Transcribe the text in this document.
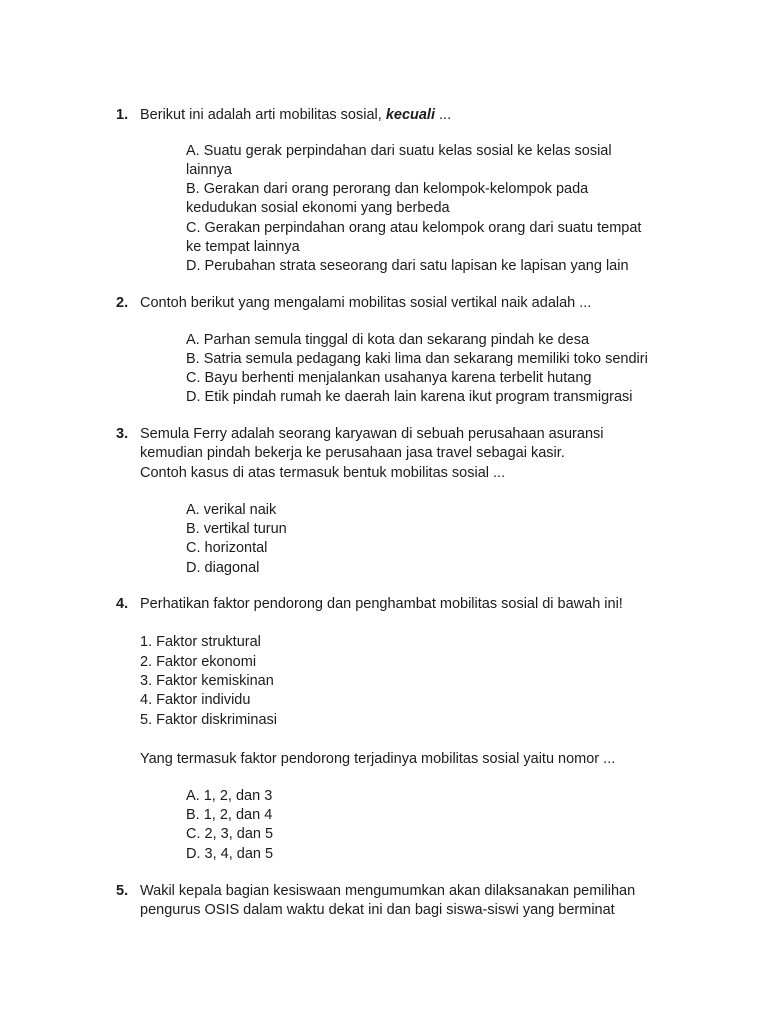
1. Berikut ini adalah arti mobilitas sosial, kecuali ...
A. Suatu gerak perpindahan dari suatu kelas sosial ke kelas sosial
lainnya
B. Gerakan dari orang perorang dan kelompok-kelompok pada
kedudukan sosial ekonomi yang berbeda
C. Gerakan perpindahan orang atau kelompok orang dari suatu tempat
ke tempat lainnya
D. Perubahan strata seseorang dari satu lapisan ke lapisan yang lain
2. Contoh berikut yang mengalami mobilitas sosial vertikal naik adalah ...
A. Parhan semula tinggal di kota dan sekarang pindah ke desa
B. Satria semula pedagang kaki lima dan sekarang memiliki toko sendiri
C. Bayu berhenti menjalankan usahanya karena terbelit hutang
D. Etik pindah rumah ke daerah lain karena ikut program transmigrasi
3. Semula Ferry adalah seorang karyawan di sebuah perusahaan asuransi
kemudian pindah bekerja ke perusahaan jasa travel sebagai kasir.
Contoh kasus di atas termasuk bentuk mobilitas sosial ...
A. verikal naik
B. vertikal turun
C. horizontal
D. diagonal
4. Perhatikan faktor pendorong dan penghambat mobilitas sosial di bawah ini!
1. Faktor struktural
2. Faktor ekonomi
3. Faktor kemiskinan
4. Faktor individu
5. Faktor diskriminasi
Yang termasuk faktor pendorong terjadinya mobilitas sosial yaitu nomor ...
A. 1, 2, dan 3
B. 1, 2, dan 4
C. 2, 3, dan 5
D. 3, 4, dan 5
5. Wakil kepala bagian kesiswaan mengumumkan akan dilaksanakan pemilihan
pengurus OSIS dalam waktu dekat ini dan bagi siswa-siswi yang berminat
